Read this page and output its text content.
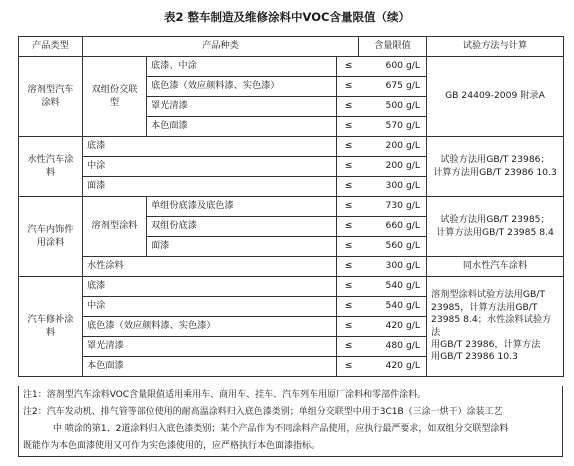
表2 整车制造及维修涂料中VOC含量限值（续）
产品类型	产品种类			含量限值	试验方法与计算
溶剂型汽车涂料	双组份交联型	底漆、中涂	≤	600 g/L	GB 24409-2009 附录A
		底色漆（效应颜料漆、实色漆）	≤	675 g/L	
		罩光清漆	≤	500 g/L	
		本色面漆	≤	570 g/L	
水性汽车涂料	底漆		≤	200 g/L	试验方法用GB/T 23986；
计算方法用GB/T 23986 10.3

	中涂		≤	200 g/L	
	面漆		≤	300 g/L	
汽车内饰件用涂料	溶剂型涂料	单组份底漆及底色漆	≤	730 g/L	试验方法用GB/T 23985；
计算方法用GB/T 23985 8.4

		双组份底漆	≤	660 g/L	
		面漆	≤	560 g/L	
	水性涂料		≤	300 g/L	同水性汽车涂料
汽车修补涂料	底漆		≤	540 g/L	溶剂型涂料试验方法用GB/T
23985，计算方法用GB/T
23985 8.4；水性涂料试验方法
用GB/T 23986，计算方法
用GB/T 23986 10.3

	中涂		≤	540 g/L	
	底色漆（效应颜料漆、实色漆）		≤	420 g/L	
	罩光清漆		≤	480 g/L	
	本色面漆		≤	420 g/L	

注1：溶剂型汽车涂料VOC含量限值适用乘用车、商用车、挂车、汽车列车用原厂涂料和零部件涂料。

注2：汽车发动机、排气管等部位使用的耐高温涂料归入底色漆类别；单组分交联型中用于3C1B（三涂一烘干）涂装工艺

中 喷涂的第1、2道涂料归入底色漆类别；某个产品作为不同涂料产品使用，应执行最严要求，如双组分交联型涂料

既能作为本色面漆使用又可作为实色漆使用的，应严格执行本色面漆指标。
